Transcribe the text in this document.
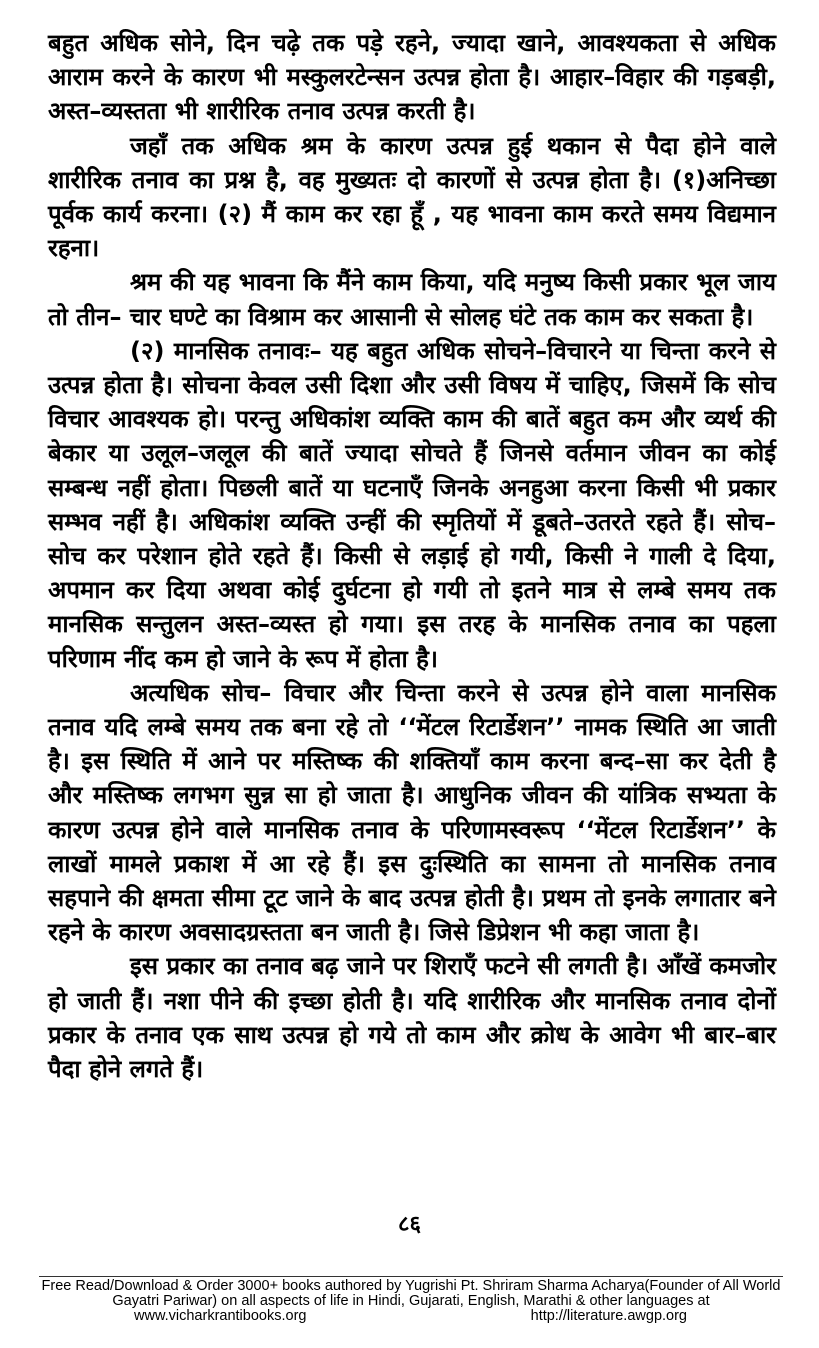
बहुत अधिक सोने, दिन चढ़े तक पड़े रहने, ज्यादा खाने, आवश्यकता से अधिक आराम करने के कारण भी मस्कुलरटेन्सन उत्पन्न होता है। आहार–विहार की गड़बड़ी, अस्त–व्यस्तता भी शारीरिक तनाव उत्पन्न करती है।

जहाँ तक अधिक श्रम के कारण उत्पन्न हुई थकान से पैदा होने वाले शारीरिक तनाव का प्रश्न है, वह मुख्यतः दो कारणों से उत्पन्न होता है। (१)अनिच्छा पूर्वक कार्य करना। (२) मैं काम कर रहा हूँ , यह भावना काम करते समय विद्यमान रहना।

श्रम की यह भावना कि मैंने काम किया, यदि मनुष्य किसी प्रकार भूल जाय तो तीन– चार घण्टे का विश्राम कर आसानी से सोलह घंटे तक काम कर सकता है।

(२) मानसिक तनावः– यह बहुत अधिक सोचने–विचारने या चिन्ता करने से उत्पन्न होता है। सोचना केवल उसी दिशा और उसी विषय में चाहिए, जिसमें कि सोच विचार आवश्यक हो। परन्तु अधिकांश व्यक्ति काम की बातें बहुत कम और व्यर्थ की बेकार या उलूल–जलूल की बातें ज्यादा सोचते हैं जिनसे वर्तमान जीवन का कोई सम्बन्ध नहीं होता। पिछली बातें या घटनाएँ जिनके अनहुआ करना किसी भी प्रकार सम्भव नहीं है। अधिकांश व्यक्ति उन्हीं की स्मृतियों में डूबते–उतरते रहते हैं। सोच–सोच कर परेशान होते रहते हैं। किसी से लड़ाई हो गयी, किसी ने गाली दे दिया, अपमान कर दिया अथवा कोई दुर्घटना हो गयी तो इतने मात्र से लम्बे समय तक मानसिक सन्तुलन अस्त–व्यस्त हो गया। इस तरह के मानसिक तनाव का पहला परिणाम नींद कम हो जाने के रूप में होता है।

अत्यधिक सोच– विचार और चिन्ता करने से उत्पन्न होने वाला मानसिक तनाव यदि लम्बे समय तक बना रहे तो ‘‘मेंटल रिटार्डेशन’’ नामक स्थिति आ जाती है। इस स्थिति में आने पर मस्तिष्क की शक्तियाँ काम करना बन्द–सा कर देती है और मस्तिष्क लगभग सुन्न सा हो जाता है। आधुनिक जीवन की यांत्रिक सभ्यता के कारण उत्पन्न होने वाले मानसिक तनाव के परिणामस्वरूप ‘‘मेंटल रिटार्डेशन’’ के लाखों मामले प्रकाश में आ रहे हैं। इस दुःस्थिति का सामना तो मानसिक तनाव सहपाने की क्षमता सीमा टूट जाने के बाद उत्पन्न होती है। प्रथम तो इनके लगातार बने रहने के कारण अवसादग्रस्तता बन जाती है। जिसे डिप्रेशन भी कहा जाता है।

इस प्रकार का तनाव बढ़ जाने पर शिराएँ फटने सी लगती है। आँखें कमजोर हो जाती हैं। नशा पीने की इच्छा होती है। यदि शारीरिक और मानसिक तनाव दोनों प्रकार के तनाव एक साथ उत्पन्न हो गये तो काम और क्रोध के आवेग भी बार–बार पैदा होने लगते हैं।

८६
Free Read/Download & Order 3000+ books authored by Yugrishi Pt. Shriram Sharma Acharya(Founder of All World Gayatri Pariwar) on all aspects of life in Hindi, Gujarati, English, Marathi & other languages at
www.vicharkrantibooks.org	http://literature.awgp.org
